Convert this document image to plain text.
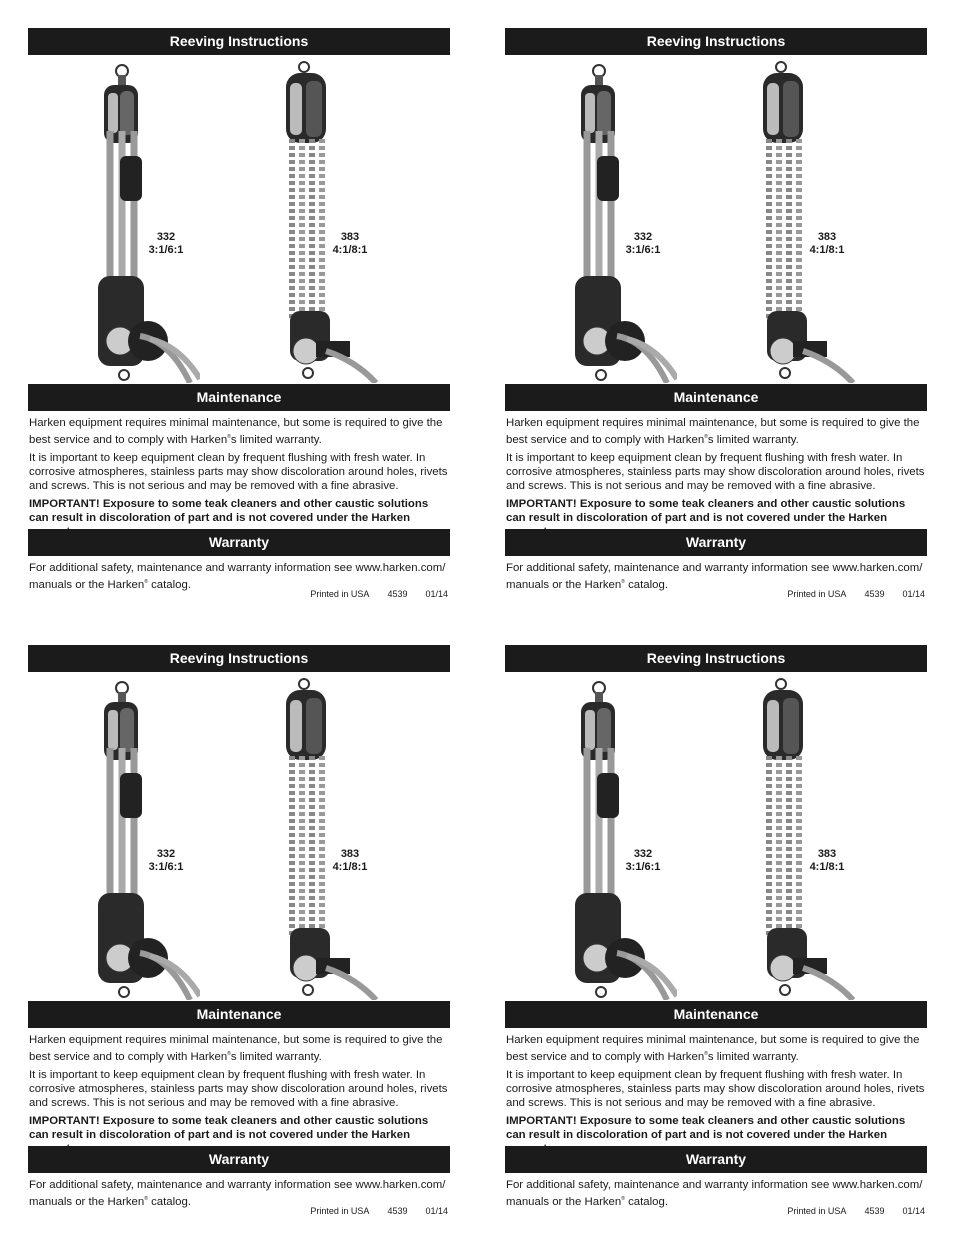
Reeving Instructions
332
3:1/6:1
383
4:1/8:1
Maintenance

Harken equipment requires minimal maintenance, but some is required to give the best service and to comply with Harken®s limited warranty.

It is important to keep equipment clean by frequent flushing with fresh water. In corrosive atmospheres, stainless parts may show discoloration around holes, rivets and screws. This is not serious and may be removed with a fine abrasive.

IMPORTANT! Exposure to some teak cleaners and other caustic solutions can result in discoloration of part and is not covered under the Harken

Warranty

For additional safety, maintenance and warranty information see www.harken.com/ manuals or the Harken® catalog.

Printed in USA 4539 01/14
Reeving Instructions
332
3:1/6:1
383
4:1/8:1
Maintenance

Harken equipment requires minimal maintenance, but some is required to give the best service and to comply with Harken®s limited warranty.

It is important to keep equipment clean by frequent flushing with fresh water. In corrosive atmospheres, stainless parts may show discoloration around holes, rivets and screws. This is not serious and may be removed with a fine abrasive.

IMPORTANT! Exposure to some teak cleaners and other caustic solutions can result in discoloration of part and is not covered under the Harken

Warranty

For additional safety, maintenance and warranty information see www.harken.com/ manuals or the Harken® catalog.

Printed in USA 4539 01/14
Reeving Instructions
332
3:1/6:1
383
4:1/8:1
Maintenance

Harken equipment requires minimal maintenance, but some is required to give the best service and to comply with Harken®s limited warranty.

It is important to keep equipment clean by frequent flushing with fresh water. In corrosive atmospheres, stainless parts may show discoloration around holes, rivets and screws. This is not serious and may be removed with a fine abrasive.

IMPORTANT! Exposure to some teak cleaners and other caustic solutions can result in discoloration of part and is not covered under the Harken

Warranty

For additional safety, maintenance and warranty information see www.harken.com/ manuals or the Harken® catalog.

Printed in USA 4539 01/14
Reeving Instructions
332
3:1/6:1
383
4:1/8:1
Maintenance

Harken equipment requires minimal maintenance, but some is required to give the best service and to comply with Harken®s limited warranty.

It is important to keep equipment clean by frequent flushing with fresh water. In corrosive atmospheres, stainless parts may show discoloration around holes, rivets and screws. This is not serious and may be removed with a fine abrasive.

IMPORTANT! Exposure to some teak cleaners and other caustic solutions can result in discoloration of part and is not covered under the Harken

Warranty

For additional safety, maintenance and warranty information see www.harken.com/ manuals or the Harken® catalog.

Printed in USA 4539 01/14
